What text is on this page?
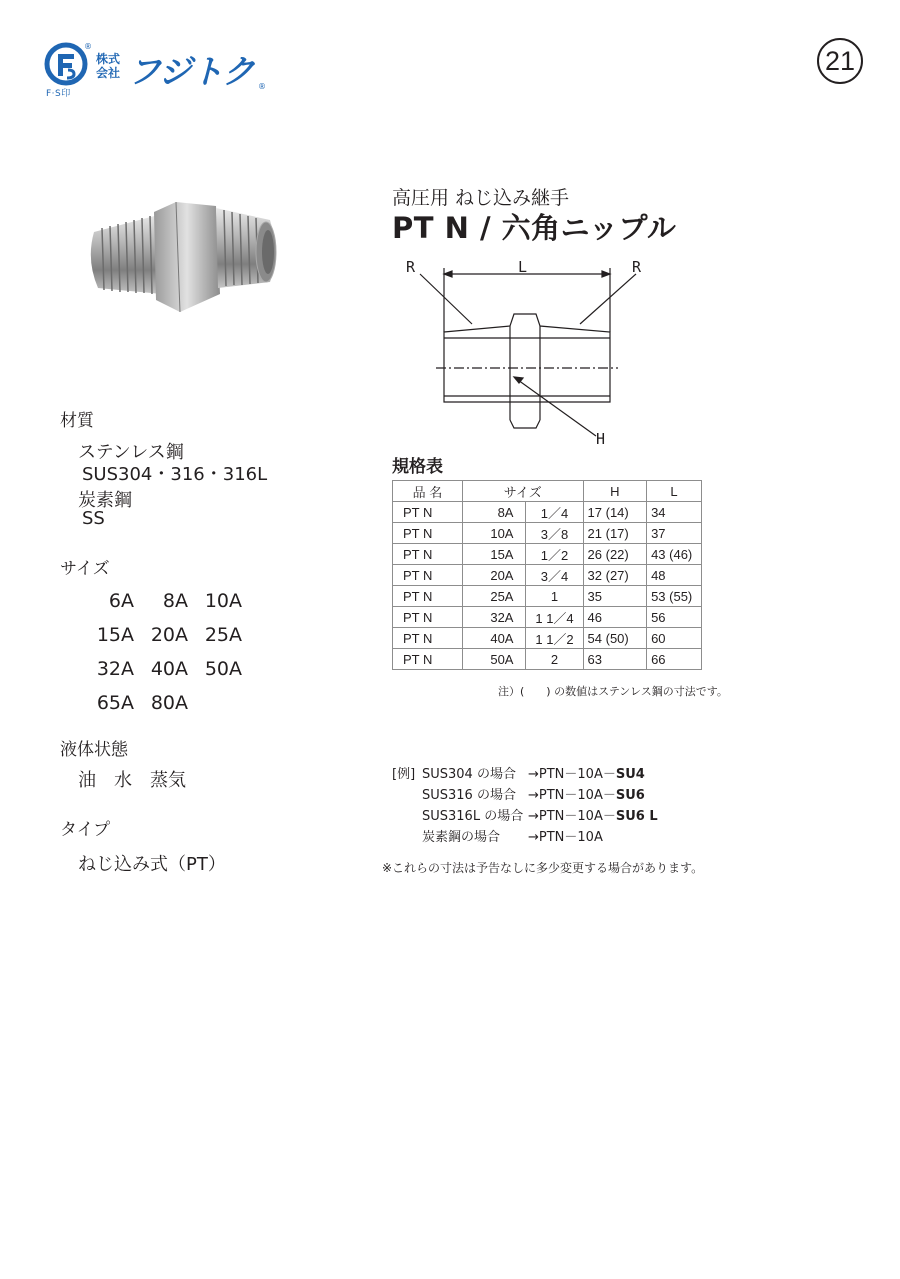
F·S印
株式会社 フジトク
®
®
21
高圧用 ねじ込み継手
PT N / 六角ニップル
R	L	R
H
材質
ステンレス鋼
SUS304・316・316L
炭素鋼
SS
サイズ
6A	8A 10A
15A 20A 25A
32A 40A 50A
65A 80A
液体状態
油　水　蒸気
タイプ
ねじ込み式（PT）
規格表
品 名	サイズ		H	L
PT N	8A	1／4	17 (14)	34
PT N	10A	3／8	21 (17)	37
PT N	15A	1／2	26 (22)	43 (46)
PT N	20A	3／4	32 (27)	48
PT N	25A	1	35	53 (55)
PT N	32A	1 1／4	46	56
PT N	40A	1 1／2	54 (50)	60
PT N	50A	2	63	66
注）(　　) の数値はステンレス鋼の寸法です。
[例] SUS304 の場合 →PTN－10A－SU4
SUS316 の場合 →PTN－10A－SU6
SUS316L の場合 →PTN－10A－SU6 L
炭素鋼の場合	→PTN－10A
※これらの寸法は予告なしに多少変更する場合があります。
